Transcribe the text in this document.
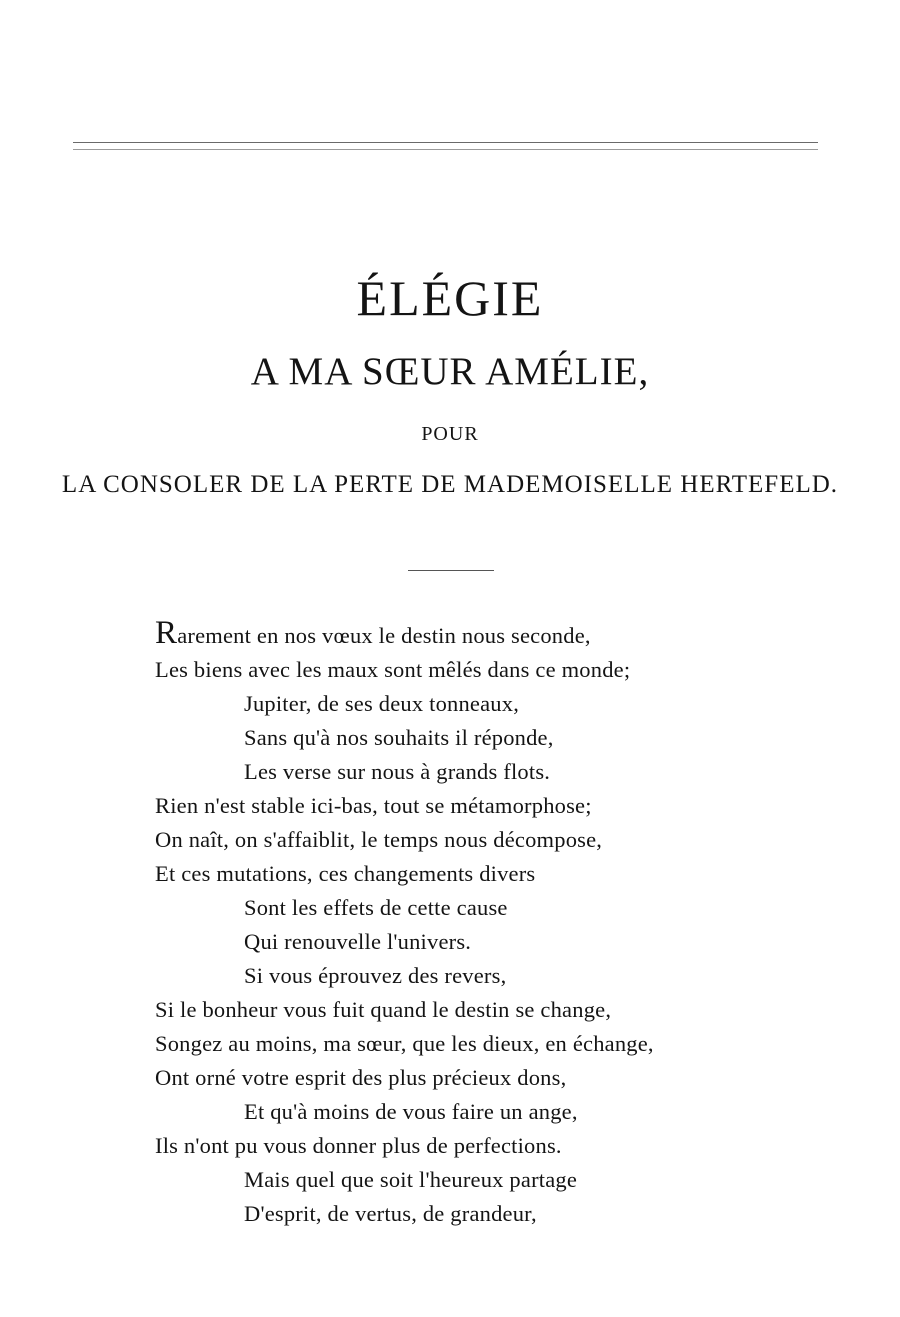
ÉLÉGIE
A MA SŒUR AMÉLIE,
POUR
LA CONSOLER DE LA PERTE DE MADEMOISELLE HERTEFELD.
Rarement en nos vœux le destin nous seconde,
Les biens avec les maux sont mêlés dans ce monde;
Jupiter, de ses deux tonneaux,
Sans qu'à nos souhaits il réponde,
Les verse sur nous à grands flots.
Rien n'est stable ici-bas, tout se métamorphose;
On naît, on s'affaiblit, le temps nous décompose,
Et ces mutations, ces changements divers
Sont les effets de cette cause
Qui renouvelle l'univers.
Si vous éprouvez des revers,
Si le bonheur vous fuit quand le destin se change,
Songez au moins, ma sœur, que les dieux, en échange,
Ont orné votre esprit des plus précieux dons,
Et qu'à moins de vous faire un ange,
Ils n'ont pu vous donner plus de perfections.
Mais quel que soit l'heureux partage
D'esprit, de vertus, de grandeur,
